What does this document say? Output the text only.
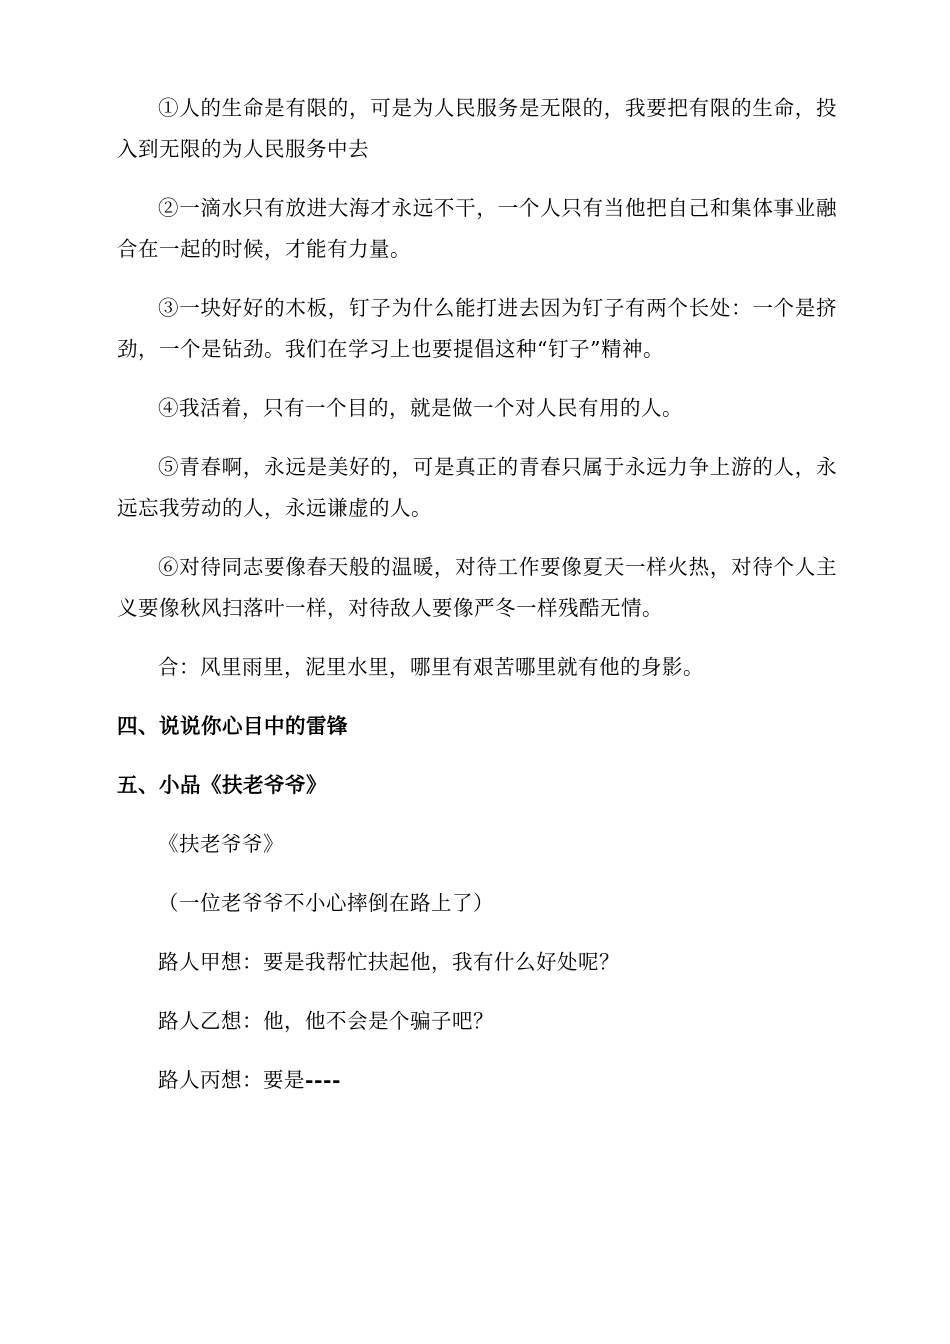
①人的生命是有限的，可是为人民服务是无限的，我要把有限的生命，投入到无限的为人民服务中去

②一滴水只有放进大海才永远不干，一个人只有当他把自己和集体事业融合在一起的时候，才能有力量。

③一块好好的木板，钉子为什么能打进去因为钉子有两个长处：一个是挤劲，一个是钻劲。我们在学习上也要提倡这种“钉子”精神。

④我活着，只有一个目的，就是做一个对人民有用的人。

⑤青春啊，永远是美好的，可是真正的青春只属于永远力争上游的人，永远忘我劳动的人，永远谦虚的人。

⑥对待同志要像春天般的温暖，对待工作要像夏天一样火热，对待个人主义要像秋风扫落叶一样，对待敌人要像严冬一样残酷无情。

合：风里雨里，泥里水里，哪里有艰苦哪里就有他的身影。

四、说说你心目中的雷锋

五、小品《扶老爷爷》

《扶老爷爷》

（一位老爷爷不小心摔倒在路上了）

路人甲想：要是我帮忙扶起他，我有什么好处呢？

路人乙想：他，他不会是个骗子吧？

路人丙想：要是----
